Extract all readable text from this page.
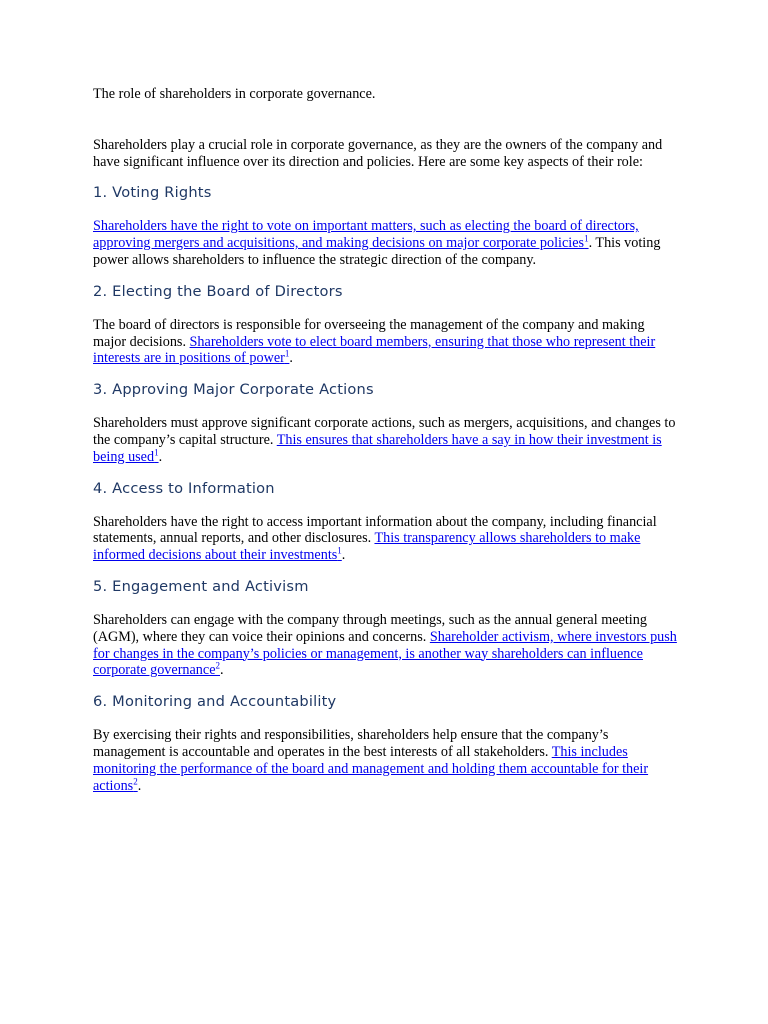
The role of shareholders in corporate governance.

Shareholders play a crucial role in corporate governance, as they are the owners of the company and have significant influence over its direction and policies. Here are some key aspects of their role:

1. Voting Rights

Shareholders have the right to vote on important matters, such as electing the board of directors, approving mergers and acquisitions, and making decisions on major corporate policies$^1$. This voting power allows shareholders to influence the strategic direction of the company.

2. Electing the Board of Directors

The board of directors is responsible for overseeing the management of the company and making major decisions. Shareholders vote to elect board members, ensuring that those who represent their interests are in positions of power$^1$.

3. Approving Major Corporate Actions

Shareholders must approve significant corporate actions, such as mergers, acquisitions, and changes to the company’s capital structure. This ensures that shareholders have a say in how their investment is being used$^1$.

4. Access to Information

Shareholders have the right to access important information about the company, including financial statements, annual reports, and other disclosures. This transparency allows shareholders to make informed decisions about their investments$^1$.

5. Engagement and Activism

Shareholders can engage with the company through meetings, such as the annual general meeting (AGM), where they can voice their opinions and concerns. Shareholder activism, where investors push for changes in the company’s policies or management, is another way shareholders can influence corporate governance$^2$.

6. Monitoring and Accountability

By exercising their rights and responsibilities, shareholders help ensure that the company’s management is accountable and operates in the best interests of all stakeholders. This includes monitoring the performance of the board and management and holding them accountable for their actions$^2$.
